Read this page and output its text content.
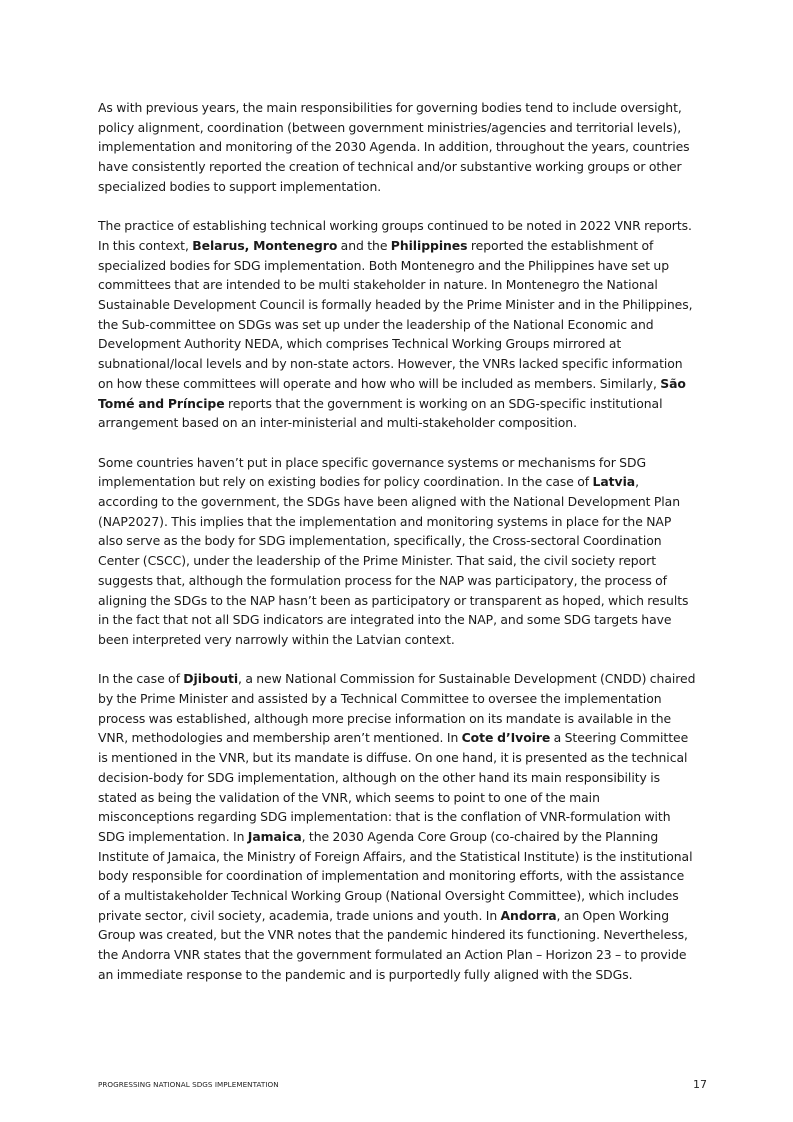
As with previous years, the main responsibilities for governing bodies tend to include oversight, policy alignment, coordination (between government ministries/agencies and territorial levels), implementation and monitoring of the 2030 Agenda. In addition, throughout the years, countries have consistently reported the creation of technical and/or substantive working groups or other specialized bodies to support implementation.

The practice of establishing technical working groups continued to be noted in 2022 VNR reports. In this context, Belarus, Montenegro and the Philippines reported the establishment of specialized bodies for SDG implementation. Both Montenegro and the Philippines have set up committees that are intended to be multi stakeholder in nature. In Montenegro the National Sustainable Development Council is formally headed by the Prime Minister and in the Philippines, the Sub-committee on SDGs was set up under the leadership of the National Economic and Development Authority NEDA, which comprises Technical Working Groups mirrored at subnational/local levels and by non-state actors. However, the VNRs lacked specific information on how these committees will operate and how who will be included as members. Similarly, São Tomé and Príncipe reports that the government is working on an SDG-specific institutional arrangement based on an inter-ministerial and multi-stakeholder composition.

Some countries haven’t put in place specific governance systems or mechanisms for SDG implementation but rely on existing bodies for policy coordination. In the case of Latvia, according to the government, the SDGs have been aligned with the National Development Plan (NAP2027). This implies that the implementation and monitoring systems in place for the NAP also serve as the body for SDG implementation, specifically, the Cross-sectoral Coordination Center (CSCC), under the leadership of the Prime Minister. That said, the civil society report suggests that, although the formulation process for the NAP was participatory, the process of aligning the SDGs to the NAP hasn’t been as participatory or transparent as hoped, which results in the fact that not all SDG indicators are integrated into the NAP, and some SDG targets have been interpreted very narrowly within the Latvian context.

In the case of Djibouti, a new National Commission for Sustainable Development (CNDD) chaired by the Prime Minister and assisted by a Technical Committee to oversee the implementation process was established, although more precise information on its mandate is available in the VNR, methodologies and membership aren’t mentioned. In Cote d’Ivoire a Steering Committee is mentioned in the VNR, but its mandate is diffuse. On one hand, it is presented as the technical decision-body for SDG implementation, although on the other hand its main responsibility is stated as being the validation of the VNR, which seems to point to one of the main misconceptions regarding SDG implementation: that is the conflation of VNR-formulation with SDG implementation. In Jamaica, the 2030 Agenda Core Group (co-chaired by the Planning Institute of Jamaica, the Ministry of Foreign Affairs, and the Statistical Institute) is the institutional body responsible for coordination of implementation and monitoring efforts, with the assistance of a multistakeholder Technical Working Group (National Oversight Committee), which includes private sector, civil society, academia, trade unions and youth. In Andorra, an Open Working Group was created, but the VNR notes that the pandemic hindered its functioning. Nevertheless, the Andorra VNR states that the government formulated an Action Plan – Horizon 23 – to provide an immediate response to the pandemic and is purportedly fully aligned with the SDGs.

PROGRESSING NATIONAL SDGS IMPLEMENTATION	17
